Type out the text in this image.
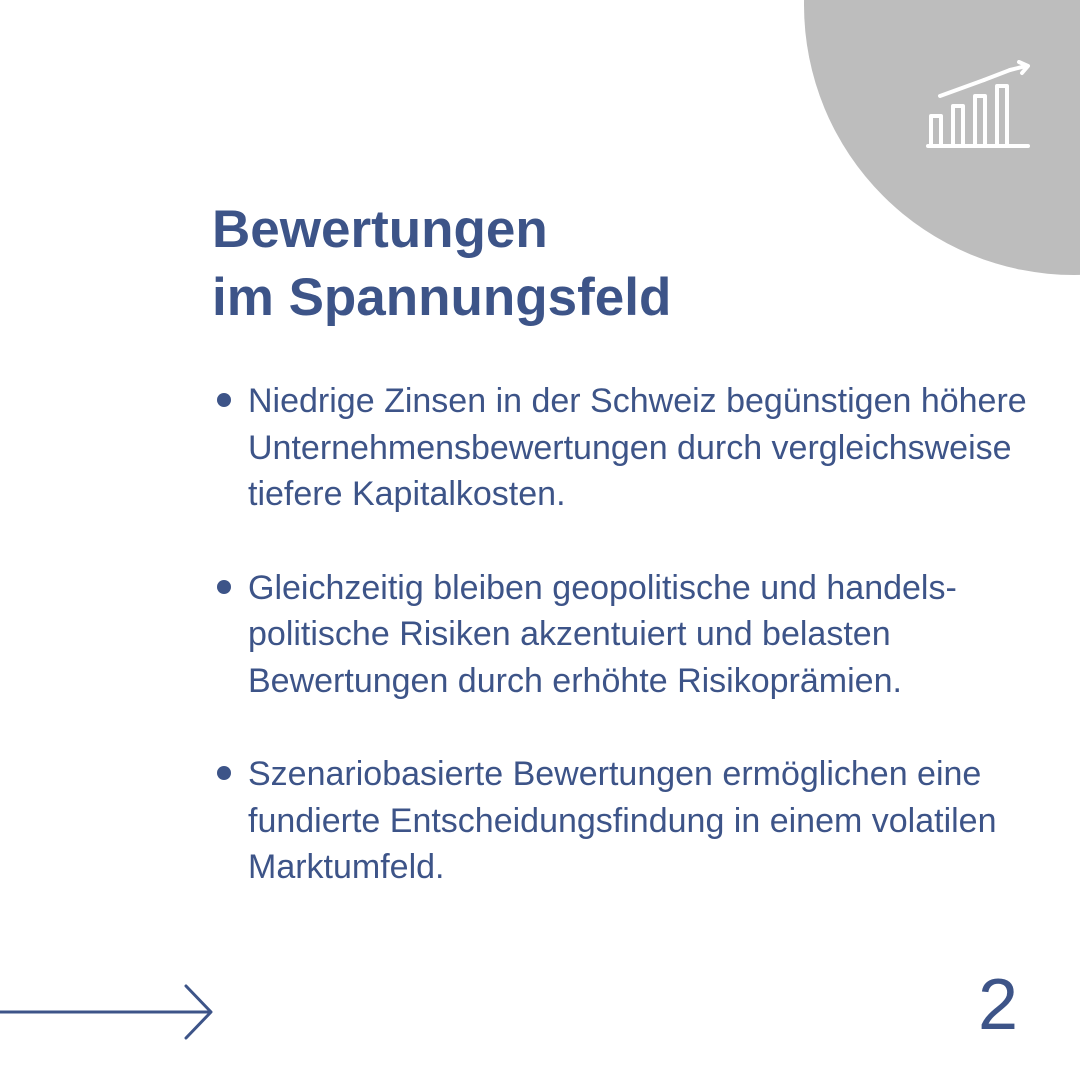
Bewertungen
im Spannungsfeld
Niedrige Zinsen in der Schweiz begünstigen höhere Unternehmensbewertungen durch vergleichsweise tiefere Kapitalkosten.
Gleichzeitig bleiben geopolitische und handels-politische Risiken akzentuiert und belasten Bewertungen durch erhöhte Risikoprämien.
Szenariobasierte Bewertungen ermöglichen eine fundierte Entscheidungsfindung in einem volatilen Marktumfeld.
2
